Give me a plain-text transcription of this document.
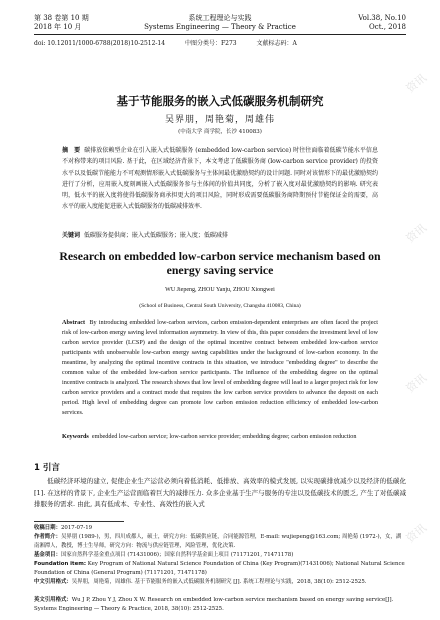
第 38 卷第 10 期	系统工程理论与实践	Vol.38, No.10
2018 年 10 月	Systems Engineering — Theory & Practice	Oct., 2018
doi: 10.12011/1000-6788(2018)10-2512-14	中图分类号：F273	文献标志码：A
基于节能服务的嵌入式低碳服务机制研究
吴界朋，周艳菊，周雄伟
(中南大学 商学院，长沙 410083)
摘　要 碳排放依赖型企业在引入嵌入式低碳服务 (embedded low-carbon service) 时往往面临着低碳节能水平信息不对称带来的项目风险. 基于此，在区域经济背景下，本文考虑了低碳服务商 (low-carbon service provider) 的投资水平以及低碳节能能力不可观测情形嵌入式低碳服务与主体间最优激励契约的设计问题. 同时对该情形下的最优激励契约进行了分析，应用嵌入度刻画嵌入式低碳服务参与主体间的价值共同度，分析了嵌入度对最优激励契约的影响. 研究表明，低水平的嵌入度将使得低碳服务商承担更大的项目风险，同时形成需要低碳服务商降期预付节能保证金的需要，高水平的嵌入度能促进嵌入式低碳服务的低碳减排效率.
关键词 低碳服务提供商；嵌入式低碳服务；嵌入度；低碳减排
Research on embedded low-carbon service mechanism based on
energy saving service
WU Jiepeng, ZHOU Yanju, ZHOU Xiongwei
(School of Business, Central South University, Changsha 410083, China)
Abstract By introducing embedded low-carbon services, carbon emission-dependent enterprises are often faced the project risk of low-carbon energy saving level information asymmetry. In view of this, this paper considers the investment level of low carbon service provider (LCSP) and the design of the optimal incentive contract between embedded low-carbon service participants with unobservable low-carbon energy saving capabilities under the background of low-carbon economy. In the meantime, by analyzing the optimal incentive contracts in this situation, we introduce "embedding degree" to describe the common value of the embedded low-carbon service participants. The influence of the embedding degree on the optimal incentive contracts is analyzed. The research shows that low level of embedding degree will lead to a larger project risk for low carbon service providers and a contract mode that requires the low carbon service providers to advance the deposit on each period. High level of embedding degree can promote low carbon emission reduction efficiency of embedded low-carbon services.
Keywords embedded low-carbon service; low-carbon service provider; embedding degree; carbon emission reduction
1 引言
低碳经济环境的建立, 促使企业生产运营必须向着低消耗、低排放、高效率的模式发展, 以实现碳排放减少以及经济的低碳化 [1]. 在这样的背景下, 企业生产运营面临着巨大的减排压力. 众多企业基于生产与服务的专注以及低碳技术的匮乏, 产生了对低碳减排服务的需求. 由此, 具有低成本、专业性、高效性的嵌入式
收稿日期：2017-07-19
作者简介：吴界朋 (1989-)，男，四川成都人，硕士，研究方向：低碳供应链，合同能源管理，E-mail: wujiepeng@163.com; 周艳菊 (1972-)，女，湖南湘潭人，教授，博士生导师，研究方向：物流与供应链管理，风险管理，优化决策.
基金项目：国家自然科学基金重点项目 (71431006)；国家自然科学基金面上项目 (71171201, 71471178)
Foundation item: Key Program of National Natural Science Foundation of China (Key Program)(71431006); National Natural Science Foundation of China (General Program) (71171201, 71471178)
中文引用格式：吴界朋，周艳菊，周雄伟. 基于节能服务的嵌入式低碳服务机制研究 [J]. 系统工程理论与实践，2018, 38(10): 2512-2525.
英文引用格式：Wu J P, Zhou Y J, Zhou X W. Research on embedded low-carbon service mechanism based on energy saving service[J]. Systems Engineering — Theory & Practice, 2018, 38(10): 2512-2525.
资讯
资讯
资讯
资讯
